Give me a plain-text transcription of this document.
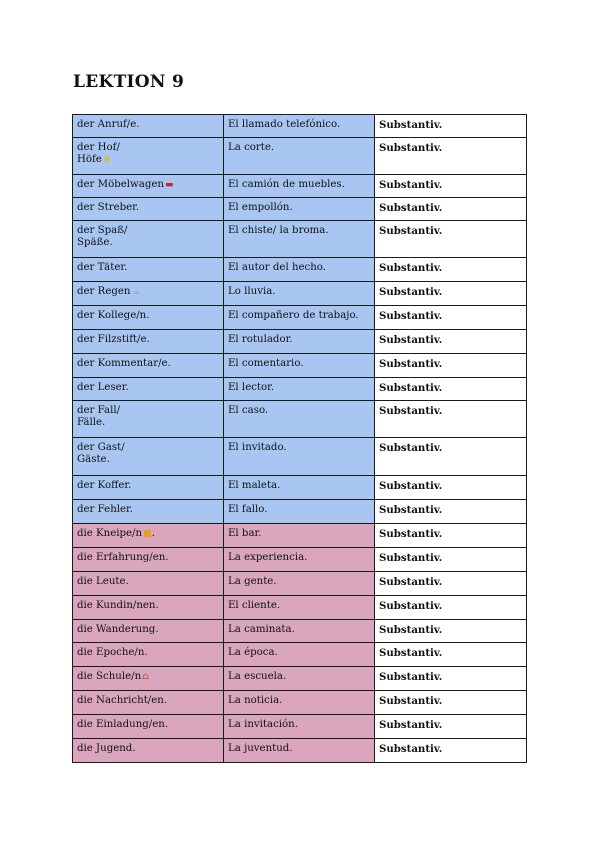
LEKTION 9
der Anruf/e.	El llamado telefónico.	Substantiv.
der Hof/
Höfe♛	La corte.	Substantiv.
der Möbelwagen▬	El camión de muebles.	Substantiv.
der Streber.	El empollón.	Substantiv.
der Spaß/
Späße.	El chiste/ la broma.	Substantiv.
der Täter.	El autor del hecho.	Substantiv.
der Regen☁	Lo lluvia.	Substantiv.
der Kollege/n.	El compañero de trabajo.	Substantiv.
der Filzstift/e.	El rotulador.	Substantiv.
der Kommentar/e.	El comentario.	Substantiv.
der Leser.	El lector.	Substantiv.
der Fall/
Fälle.	El caso.	Substantiv.
der Gast/
Gäste.	El invitado.	Substantiv.
der Koffer.	El maleta.	Substantiv.
der Fehler.	El fallo.	Substantiv.
die Kneipe/n■.	El bar.	Substantiv.
die Erfahrung/en.	La experiencia.	Substantiv.
die Leute.	La gente.	Substantiv.
die Kundin/nen.	El cliente.	Substantiv.
die Wanderung.	La caminata.	Substantiv.
die Epoche/n.	La época.	Substantiv.
die Schule/n⌂	La escuela.	Substantiv.
die Nachricht/en.	La noticia.	Substantiv.
die Einladung/en.	La invitación.	Substantiv.
die Jugend.	La juventud.	Substantiv.
